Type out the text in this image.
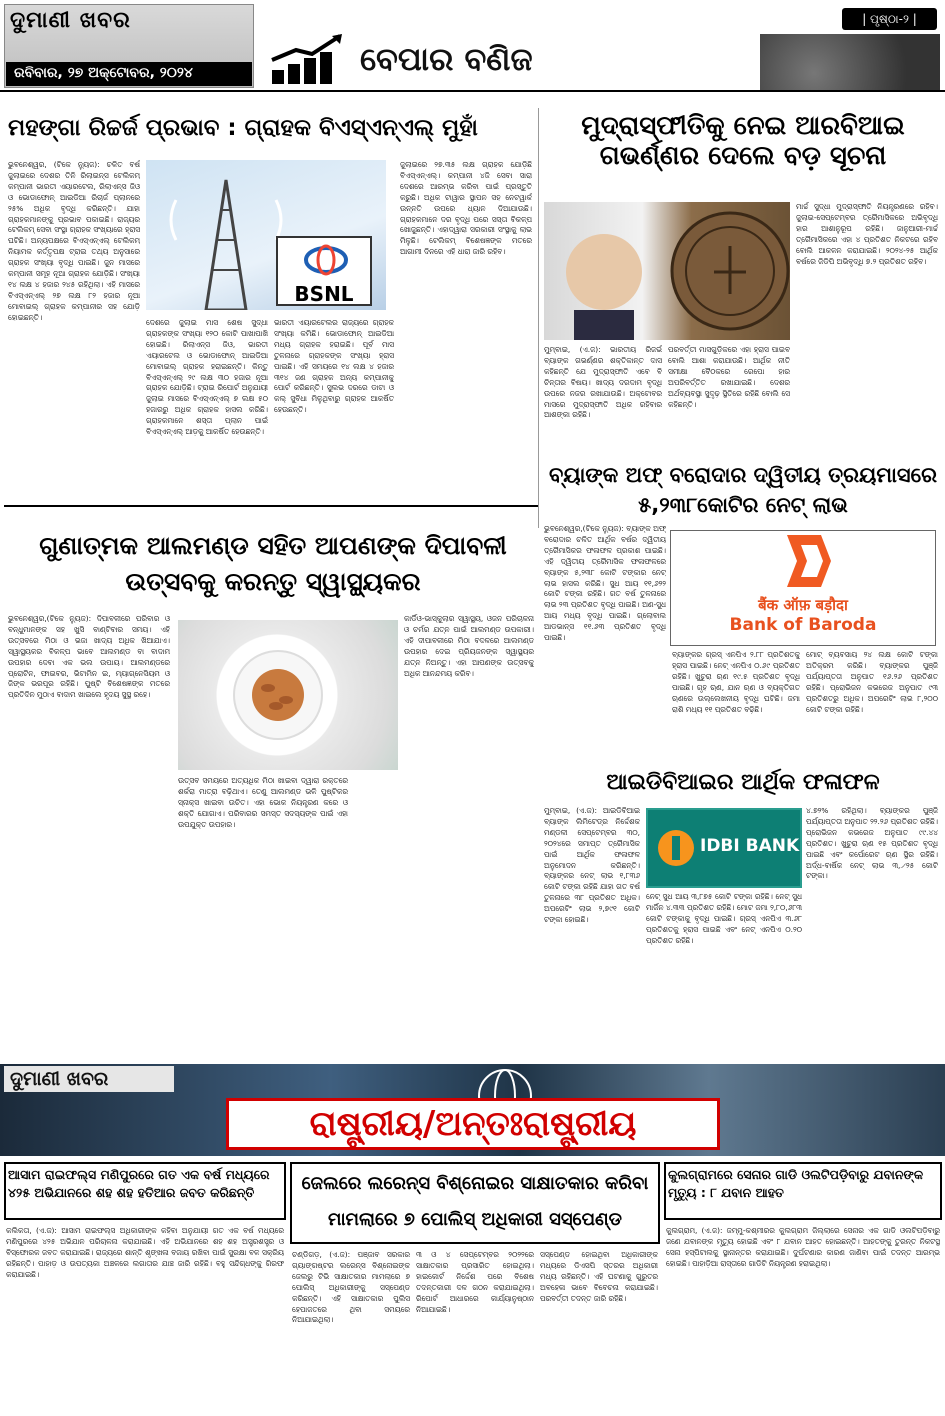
ଦୁମାଣୀ ଖବର
ରବିବାର, ୨୭ ଅକ୍ଟୋବର, ୨୦୨୪	ବେପାର ବଣିଜ
| ପୃଷ୍ଠା-୨ |
ମହଙ୍ଗା ରିଚ୍ଚର୍ଜ ପ୍ରଭାବ : ଗ୍ରାହକ ବିଏସ୍‌ଏନ୍‌ଏଲ୍ ମୁହାଁ
BSNL
ଭୁବନେଶ୍ୱର, (ଟିକେ ନ୍ୟୁଜ): ଚଳିତ ବର୍ଷ ଜୁଲାଇରେ ଦେଶର ତିନି ରିଲାଇନ୍ସ ଟେଲିକମ୍ କମ୍ପାନୀ ଭାରତୀ ଏୟାରଟେଲ, ରିଲାଏନ୍ସ ଜିଓ ଓ ଭୋଡାଫୋନ୍ ଆଇଡିଆ ରିଚାର୍ଜ ପ୍ଲାନରେ ୨୫% ଅଧିକ ବୃଦ୍ଧି କରିଛନ୍ତି। ଯାହା ଗ୍ରାହକମାନଙ୍କୁ ପ୍ରଭାବ ପକାଇଛି। ରାଜ୍ୟର ଟେଲିକମ୍ ସେବା ସଂସ୍ଥା ଗ୍ରାହକ ସଂଖ୍ୟାରେ ହ୍ରାସ ଘଟିଛି। ଅନ୍ୟପକ୍ଷରେ ବିଏସ୍‌ଏନ୍‌ଏଲ୍ ଟେଲିକମ୍ ନିୟାମକ କର୍ତ୍ତୃପକ୍ଷ ଟ୍ରାଇ ତଥ୍ୟ ଅନୁସାରେ ଗ୍ରାହକ ସଂଖ୍ୟା ବୃଦ୍ଧି ପାଇଛି। ଜୁନ ମାସରେ କମ୍ପାନୀ ସମୂହ ନୂଆ ଗ୍ରାହକ ଯୋଡ଼ିଛି। ସଂଖ୍ୟା ୧୪ ଲକ୍ଷ ୪ ହଜାର ୨୪୫ ରହିଥିଲା। ଏହି ମାସରେ ବିଏସ୍‌ଏନ୍‌ଏଲ୍ ୨୭ ଲକ୍ଷ ୮୨ ହଜାର ନୂଆ ମୋବାଇଲ୍ ଗ୍ରାହକ କମ୍ପାନୀର ସହ ଯୋଡ଼ି ହୋଇଛନ୍ତି।
ଦେଶରେ ଜୁଲାଇ ମାସ ଶେଷ ସୁଦ୍ଧା ଗ୍ରାହକଙ୍କ ସଂଖ୍ୟା ୧୨୦ କୋଟି ପାଖାପାଖି ହୋଇଛି। ରିଲାଏନ୍ସ ଜିଓ, ଭାରତୀ ଏୟାରଟେଲ ଓ ଭୋଡାଫୋନ୍ ଆଇଡିଆ ମୋବାଇଲ୍ ଗ୍ରାହକ ହରାଇଛନ୍ତି। କିନ୍ତୁ ବିଏସ୍‌ଏନ୍‌ଏଲ୍ ୨୯ ଲକ୍ଷ ୩୦ ହଜାର ନୂଆ ଗ୍ରାହକ ଯୋଡ଼ିଛି। ଟ୍ରାଇ ରିପୋର୍ଟ ଅନୁଯାୟୀ ଜୁଲାଇ ମାସରେ ବିଏସ୍‌ଏନ୍‌ଏଲ୍ ୭ ଲକ୍ଷ ୫୦ ହଜାରରୁ ଅଧିକ ଗ୍ରାହକ ହାସଲ କରିଛି। ଗ୍ରାହକମାନେ ଶସ୍ତା ପ୍ଲାନ ପାଇଁ ବିଏସ୍‌ଏନ୍‌ଏଲ୍ ଆଡ଼କୁ ଆକର୍ଷିତ ହେଉଛନ୍ତି।
ଭାରତୀ ଏୟାରଟେଲର ରାଜ୍ୟରେ ଗ୍ରାହକ ସଂଖ୍ୟା କମିଛି। ଭୋଡାଫୋନ୍ ଆଇଡିଆ ମଧ୍ୟ ଗ୍ରାହକ ହରାଇଛି। ପୂର୍ବ ମାସ ତୁଳନାରେ ଗ୍ରାହକଙ୍କ ସଂଖ୍ୟା ହ୍ରାସ ପାଇଛି। ଏହି ସମୟରେ ୧୪ ଲକ୍ଷ ୪ ହଜାର ୩୧୪ ଜଣ ଗ୍ରାହକ ଅନ୍ୟ କମ୍ପାନୀକୁ ପୋର୍ଟ କରିଛନ୍ତି। ସୁଲଭ ଦରରେ ଡାଟା ଓ କଲ୍ ସୁବିଧା ମିଳୁଥିବାରୁ ଗ୍ରାହକ ଆକର୍ଷିତ ହେଉଛନ୍ତି।
ଜୁଲାଇରେ ୨୭.୩୫ ଲକ୍ଷ ଗ୍ରାହକ ଯୋଡ଼ିଛି ବିଏସ୍‌ଏନ୍‌ଏଲ୍। କମ୍ପାନୀ ୪ଜି ସେବା ସାରା ଦେଶରେ ଆରମ୍ଭ କରିବା ପାଇଁ ପ୍ରସ୍ତୁତି କରୁଛି। ଅଧିକ ଟାୱାର ସ୍ଥାପନ ସହ ନେଟୱାର୍କ ଉନ୍ନତି ଉପରେ ଧ୍ୟାନ ଦିଆଯାଉଛି। ଗ୍ରାହକମାନେ ଦର ବୃଦ୍ଧି ପରେ ସସ୍ତା ବିକଳ୍ପ ଖୋଜୁଛନ୍ତି। ଏହାଦ୍ୱାରା ସରକାରୀ ସଂସ୍ଥାକୁ ଲାଭ ମିଳୁଛି। ଟେଲିକମ୍ ବିଶେଷଜ୍ଞଙ୍କ ମତରେ ଆଗାମୀ ଦିନରେ ଏହି ଧାରା ଜାରି ରହିବ।
ମୁଦ୍ରାସ୍ଫୀତିକୁ ନେଇ ଆରବିଆଇ ଗଭର୍ଣ୍ଣର ଦେଲେ ବଡ଼ ସୂଚନା
ମୁମ୍ବାଇ, (ଏ.ଜ): ଭାରତୀୟ ରିଜର୍ଭ ବ୍ୟାଙ୍କ ଗଭର୍ଣ୍ଣର ଶକ୍ତିକାନ୍ତ ଦାସ କହିଛନ୍ତି ଯେ ମୁଦ୍ରାସ୍ଫୀତି ଏବେ ବି ଚିନ୍ତାର ବିଷୟ। ଖାଦ୍ୟ ଦରଦାମ ବୃଦ୍ଧି ଉପରେ ନଜର ରଖାଯାଉଛି। ଅକ୍ଟୋବର ମାସରେ ମୁଦ୍ରାସ୍ଫୀତି ଅଧିକ ରହିବାର ଆଶଙ୍କା ରହିଛି।
ପରବର୍ତ୍ତୀ ମାସଗୁଡ଼ିକରେ ଏହା ହ୍ରାସ ପାଇବ ବୋଲି ଆଶା କରାଯାଉଛି। ଆର୍ଥିକ ନୀତି ସମୀକ୍ଷା ବୈଠକରେ ରେପୋ ହାର ଅପରିବର୍ତ୍ତିତ ରଖାଯାଇଛି। ଦେଶର ଅର୍ଥବ୍ୟବସ୍ଥା ସୁଦୃଢ଼ ସ୍ଥିତିରେ ରହିଛି ବୋଲି ସେ କହିଛନ୍ତି।
ମାର୍ଚ୍ଚ ସୁଦ୍ଧା ମୁଦ୍ରାସ୍ଫୀତି ନିୟନ୍ତ୍ରଣରେ ରହିବ। ଜୁଲାଇ-ସେପ୍ଟେମ୍ବର ତ୍ରୈମାସିକରେ ଅଭିବୃଦ୍ଧି ହାର ଆଶାନୁରୂପ ରହିଛି। ଜାନୁଆରୀ-ମାର୍ଚ୍ଚ ତ୍ରୈମାସିକରେ ଏହା ୪ ପ୍ରତିଶତ ନିକଟରେ ରହିବ ବୋଲି ଆକଳନ କରାଯାଇଛି। ୨୦୨୪-୨୫ ଆର୍ଥିକ ବର୍ଷରେ ଜିଡିପି ଅଭିବୃଦ୍ଧି ୭.୨ ପ୍ରତିଶତ ରହିବ।
ବ୍ୟାଙ୍କ ଅଫ୍ ବରୋଦାର ଦ୍ୱିତୀୟ ତ୍ରୟମାସରେ ୫,୨୩୮କୋଟିର ନେଟ୍ ଲାଭ
ଭୁବନେଶ୍ୱର,(ଟିକେ ନ୍ୟୁଜ): ବ୍ୟାଙ୍କ ଅଫ୍ ବରୋଦାର ଚଳିତ ଆର୍ଥିକ ବର୍ଷର ଦ୍ୱିତୀୟ ତ୍ରୈମାସିକର ଫଳାଫଳ ପ୍ରକାଶ ପାଇଛି। ଏହି ଦ୍ୱିତୀୟ ତ୍ରୈମାସିକ ଫଳାଫଳରେ ବ୍ୟାଙ୍କ ୫,୨୩୮ କୋଟି ଟଙ୍କାର ନେଟ୍ ଲାଭ ହାସଲ କରିଛି। ସୁଧ ଆୟ ୧୧,୬୨୨ କୋଟି ଟଙ୍କା ରହିଛି। ଗତ ବର୍ଷ ତୁଳନାରେ ଲାଭ ୨୩ ପ୍ରତିଶତ ବୃଦ୍ଧି ପାଇଛି। ଅଣ-ସୁଧ ଆୟ ମଧ୍ୟ ବୃଦ୍ଧି ପାଇଛି। ଗ୍ଲୋବାଲ ଆଡଭାନ୍ସ ୧୧.୬୩ ପ୍ରତିଶତ ବୃଦ୍ଧି ପାଇଛି।
बैंक ऑफ़ बड़ौदा
Bank of Baroda
ବ୍ୟାଙ୍କର ଗ୍ରସ୍ ଏନପିଏ ୨.୮୮ ପ୍ରତିଶତକୁ ହ୍ରାସ ପାଇଛି। ନେଟ୍ ଏନପିଏ ୦.୬୯ ପ୍ରତିଶତ ରହିଛି। ଖୁଚୁରା ଋଣ ୧୯.୫ ପ୍ରତିଶତ ବୃଦ୍ଧି ପାଇଛି। ଗୃହ ଋଣ, ଯାନ ଋଣ ଓ ବ୍ୟକ୍ତିଗତ ଋଣରେ ଉଲ୍ଲେଖନୀୟ ବୃଦ୍ଧି ଘଟିଛି। ଜମା ରାଶି ମଧ୍ୟ ୧୧ ପ୍ରତିଶତ ବଢ଼ିଛି।
ମୋଟ୍ ବ୍ୟବସାୟ ୨୪ ଲକ୍ଷ କୋଟି ଟଙ୍କା ଅତିକ୍ରମ କରିଛି। ବ୍ୟାଙ୍କର ପୁଞ୍ଜି ପର୍ଯ୍ୟାପ୍ତତା ଅନୁପାତ ୧୬.୨୬ ପ୍ରତିଶତ ରହିଛି। ପ୍ରୋଭିଜନ କଭରେଜ ଅନୁପାତ ୯୩ ପ୍ରତିଶତରୁ ଅଧିକ। ଅପରେଟିଂ ଲାଭ ୮,୨୦୦ କୋଟି ଟଙ୍କା ରହିଛି।
ଆଇଡିବିଆଇର ଆର୍ଥିକ ଫଳାଫଳ
ମୁମ୍ବାଇ, (ଏ.ଜ): ଆଇଡିବିଆଇ ବ୍ୟାଙ୍କ ଲିମିଟେଡ୍‌ର ନିର୍ଦ୍ଦେଶକ ମଣ୍ଡଳୀ ସେପ୍ଟେମ୍ବର ୩୦, ୨୦୨୪ରେ ସମାପ୍ତ ତ୍ରୈମାସିକ ପାଇଁ ଆର୍ଥିକ ଫଳାଫଳ ଅନୁମୋଦନ କରିଛନ୍ତି। ବ୍ୟାଙ୍କର ନେଟ୍ ଲାଭ ୧,୮୩୬ କୋଟି ଟଙ୍କା ରହିଛି ଯାହା ଗତ ବର୍ଷ ତୁଳନାରେ ୩୮ ପ୍ରତିଶତ ଅଧିକ। ଅପରେଟିଂ ଲାଭ ୨,୭୯୧ କୋଟି ଟଙ୍କା ହୋଇଛି।
IDBI BANK
ନେଟ୍ ସୁଧ ଆୟ ୩,୮୭୫ କୋଟି ଟଙ୍କା ରହିଛି। ନେଟ୍ ସୁଧ ମାର୍ଜିନ ୪.୩୩ ପ୍ରତିଶତ ରହିଛି। ମୋଟ ଜମା ୨,୮୦,୬୮୩ କୋଟି ଟଙ୍କାକୁ ବୃଦ୍ଧି ପାଇଛି। ଗ୍ରସ୍ ଏନପିଏ ୩.୬୮ ପ୍ରତିଶତକୁ ହ୍ରାସ ପାଇଛି ଏବଂ ନେଟ୍ ଏନପିଏ ୦.୨୦ ପ୍ରତିଶତ ରହିଛି।
୪.୭୨% ରହିଥିଲା। ବ୍ୟାଙ୍କର ପୁଞ୍ଜି ପର୍ଯ୍ୟାପ୍ତତା ଅନୁପାତ ୨୨.୨୬ ପ୍ରତିଶତ ରହିଛି। ପ୍ରୋଭିଜନ କଭରେଜ ଅନୁପାତ ୯୯.୪୪ ପ୍ରତିଶତ। ଖୁଚୁରା ଋଣ ୧୫ ପ୍ରତିଶତ ବୃଦ୍ଧି ପାଇଛି ଏବଂ କର୍ପୋରେଟ ଋଣ ସ୍ଥିର ରହିଛି। ଅର୍ଦ୍ଧ-ବାର୍ଷିକ ନେଟ୍ ଲାଭ ୩,୵୨୫ କୋଟି ଟଙ୍କା।
ଗୁଣାତ୍ମକ ଆଲମଣ୍ଡ ସହିତ ଆପଣଙ୍କ ଦିପାବଳୀ ଉତ୍ସବକୁ କରନ୍ତୁ ସ୍ୱାସ୍ଥ୍ୟକର
ଭୁବନେଶ୍ୱର,(ଟିକେ ନ୍ୟୁଜ): ଦିପାବଳୀରେ ପରିବାର ଓ ବନ୍ଧୁମାନଙ୍କ ସହ ଖୁସି ବାଣ୍ଟିବାର ସମୟ। ଏହି ଉତ୍ସବରେ ମିଠା ଓ ଭଜା ଖାଦ୍ୟ ଅଧିକ ଖିଆଯାଏ। ସ୍ୱାସ୍ଥ୍ୟକର ବିକଳ୍ପ ଭାବେ ଆଲମଣ୍ଡ ବା ବାଦାମ ଉପହାର ଦେବା ଏକ ଭଲ ଉପାୟ। ଆଲମଣ୍ଡରେ ପ୍ରୋଟିନ, ଫାଇବର, ଭିଟାମିନ ଇ, ମ୍ୟାଗ୍ନେସିୟମ ଓ ଜିଙ୍କ ଭରପୂର ରହିଛି। ପୁଷ୍ଟି ବିଶେଷଜ୍ଞଙ୍କ ମତରେ ପ୍ରତିଦିନ ମୁଠାଏ ବାଦାମ ଖାଇଲେ ହୃଦୟ ସୁସ୍ଥ ରହେ।
ଉତ୍ସବ ସମୟରେ ଅତ୍ୟଧିକ ମିଠା ଖାଇବା ଦ୍ୱାରା ରକ୍ତରେ ଶର୍କରା ମାତ୍ରା ବଢ଼ିଥାଏ। ତେଣୁ ଆଲମଣ୍ଡ ଭଳି ପୁଷ୍ଟିକର ସ୍ନାକ୍ସ ଖାଇବା ଉଚିତ। ଏହା ଭୋକ ନିୟନ୍ତ୍ରଣ କରେ ଓ ଶକ୍ତି ଯୋଗାଏ। ପରିବାରର ସମସ୍ତ ସଦସ୍ୟଙ୍କ ପାଇଁ ଏହା ଉପଯୁକ୍ତ ଉପହାର।
କାର୍ଡିଓ-ଭାସ୍କୁଲାର ସ୍ୱାସ୍ଥ୍ୟ, ଓଜନ ପରିଚାଳନା ଓ ଚର୍ମର ଯତ୍ନ ପାଇଁ ଆଲମଣ୍ଡ ଉପକାରୀ। ଏହି ଦୀପାବଳୀରେ ମିଠା ବଦଳରେ ଆଲମଣ୍ଡ ଉପହାର ଦେଇ ପ୍ରିୟଜନଙ୍କ ସ୍ୱାସ୍ଥ୍ୟର ଯତ୍ନ ନିଅନ୍ତୁ। ଏହା ଆପଣଙ୍କ ଉତ୍ସବକୁ ଅଧିକ ଆନନ୍ଦମୟ କରିବ।
ଦୁମାଣୀ ଖବର
ରାଷ୍ଟ୍ରୀୟ/ଅନ୍ତଃରାଷ୍ଟ୍ରୀୟ
ଆସାମ ରାଇଫଲ୍ସ ମଣିପୁରରେ ଗତ ଏକ ବର୍ଷ ମଧ୍ୟରେ ୪୨୫ ଅଭିଯାନରେ ଶହ ଶହ ହତିଆର ଜବତ କରିଛନ୍ତି
କଲିକତା, (ଏ.ଜ): ଆସାମ ରାଇଫଲ୍ସ ଅଧିକାରୀଙ୍କ କହିବା ଅନୁଯାୟୀ ଗତ ଏକ ବର୍ଷ ମଧ୍ୟରେ ମଣିପୁରରେ ୪୨୫ ଅଭିଯାନ ପରିଚାଳନା କରାଯାଇଛି। ଏହି ଅଭିଯାନରେ ଶହ ଶହ ଅସ୍ତ୍ରଶସ୍ତ୍ର ଓ ବିସ୍ଫୋରକ ଜବତ କରାଯାଇଛି। ରାଜ୍ୟରେ ଶାନ୍ତି ଶୃଙ୍ଖଳା ବଜାୟ ରଖିବା ପାଇଁ ସୁରକ୍ଷା ବଳ ସକ୍ରିୟ ରହିଛନ୍ତି। ପାହାଡ଼ ଓ ଉପତ୍ୟକା ଅଞ୍ଚଳରେ ଲଗାତାର ଯାଞ୍ଚ ଜାରି ରହିଛି। ବହୁ ସନ୍ଦିଗ୍ଧଙ୍କୁ ଗିରଫ କରାଯାଇଛି।
ଜେଲରେ ଲରେନ୍ସ ବିଶ୍ନୋଇର ସାକ୍ଷାତକାର କରିବା ମାମଲାରେ ୭ ପୋଲିସ୍ ଅଧିକାରୀ ସସ୍‌ପେଣ୍ଡ
ଚଣ୍ଡିଗଡ଼, (ଏ.ଜ): ପଞ୍ଜାବ ସରକାର ଗ୍ୟାଙ୍ଗଷ୍ଟର ଲରେନ୍ସ ବିଶ୍ନୋଇଙ୍କ ଜେଲରୁ ଟିଭି ସାକ୍ଷାତକାର ମାମଲାରେ ୭ ପୋଲିସ୍ ଅଧିକାରୀଙ୍କୁ ସସ୍‌ପେଣ୍ଡ କରିଛନ୍ତି। ଏହି ସାକ୍ଷାତକାର ପୁଲିସ ହେପାଜତରେ ଥିବା ସମୟରେ ନିଆଯାଇଥିଲା।
୩ ଓ ୪ ସେପ୍ଟେମ୍ବର ୨୦୨୨ରେ ସାକ୍ଷାତକାର ପ୍ରସାରିତ ହୋଇଥିଲା। ହାଇକୋର୍ଟ ନିର୍ଦ୍ଦେଶ ପରେ ବିଶେଷ ତଦନ୍ତକାରୀ ଦଳ ଗଠନ କରାଯାଇଥିଲା। ରିପୋର୍ଟ ଆଧାରରେ କାର୍ଯ୍ୟାନୁଷ୍ଠାନ ନିଆଯାଇଛି।
ସସ୍‌ପେଣ୍ଡ ହୋଇଥିବା ଅଧିକାରୀଙ୍କ ମଧ୍ୟରେ ଡିଏସପି ସ୍ତରର ଅଧିକାରୀ ମଧ୍ୟ ରହିଛନ୍ତି। ଏହି ଘଟଣାକୁ ଗୁରୁତର ଅବହେଳା ଭାବେ ବିବେଚନା କରାଯାଇଛି। ପରବର୍ତ୍ତୀ ତଦନ୍ତ ଜାରି ରହିଛି।
କୁଲଗ୍ରାମରେ ସେନାର ଗାଡି ଓଲଟିପଡ଼ିବାରୁ ଯବାନଙ୍କ ମୃତ୍ୟୁ : ୮ ଯବାନ ଆହତ
କୁଲଗ୍ରାମ, (ଏ.ଜ): ଜମ୍ମୁ-କଶ୍ମୀରର କୁଲଗ୍ରାମ ଜିଲ୍ଲାରେ ସେନାର ଏକ ଗାଡି ଓଲଟିପଡ଼ିବାରୁ ଜଣେ ଯବାନଙ୍କ ମୃତ୍ୟୁ ହୋଇଛି ଏବଂ ୮ ଯବାନ ଆହତ ହୋଇଛନ୍ତି। ଆହତଙ୍କୁ ତୁରନ୍ତ ନିକଟସ୍ଥ ସେନା ହସ୍ପିଟାଲକୁ ସ୍ଥାନାନ୍ତର କରାଯାଇଛି। ଦୁର୍ଘଟଣାର କାରଣ ଜାଣିବା ପାଇଁ ତଦନ୍ତ ଆରମ୍ଭ ହୋଇଛି। ପାହାଡ଼ିଆ ରାସ୍ତାରେ ଗାଡିଟି ନିୟନ୍ତ୍ରଣ ହରାଇଥିଲା।
